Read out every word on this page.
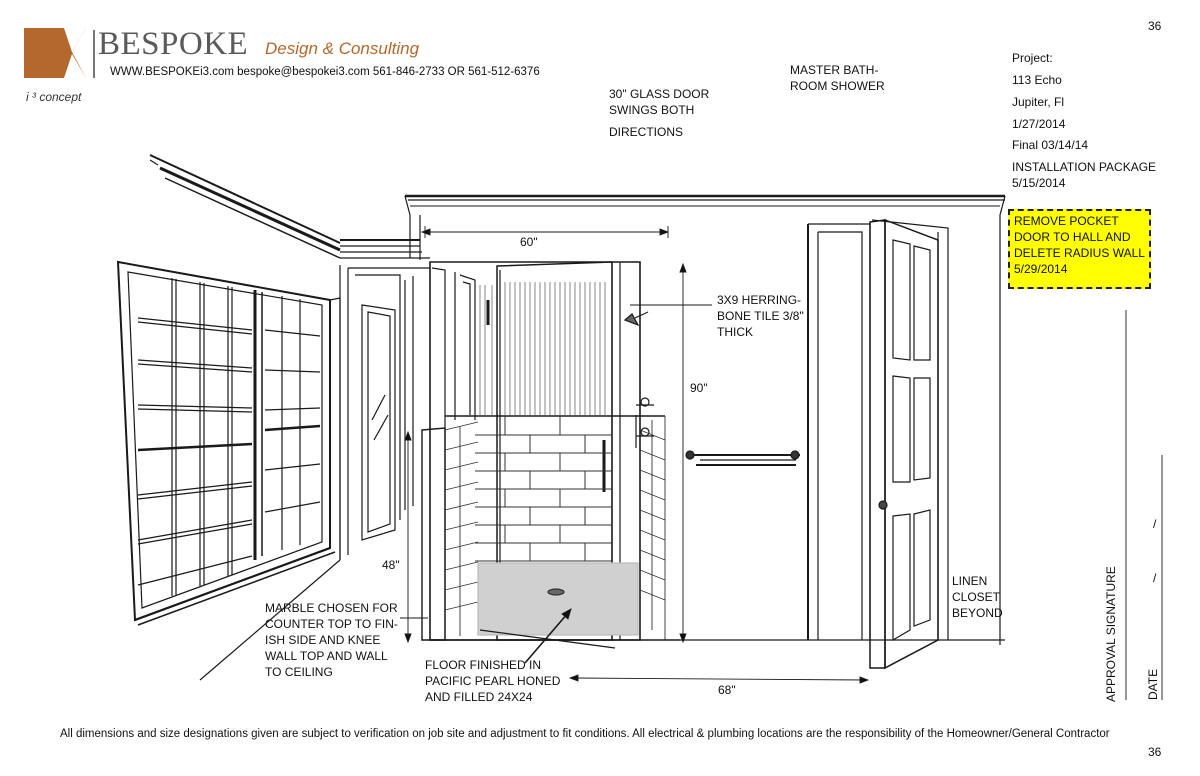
i ³ concept
BESPOKE Design & Consulting
WWW.BESPOKEi3.com bespoke@bespokei3.com 561-846-2733 OR 561-512-6376
36
Project:
113 Echo
Jupiter, Fl
1/27/2014
Final 03/14/14
INSTALLATION PACKAGE
5/15/2014
REMOVE POCKET
DOOR TO HALL AND
DELETE RADIUS WALL
5/29/2014
30" GLASS DOOR
SWINGS BOTH
DIRECTIONS
MASTER BATH-
ROOM SHOWER
60"
3X9 HERRING-
BONE TILE 3/8"
THICK
90"
48"
MARBLE CHOSEN FOR
COUNTER TOP TO FIN-
ISH SIDE AND KNEE
WALL TOP AND WALL
TO CEILING	FLOOR FINISHED IN
PACIFIC PEARL HONED
AND FILLED 24X24	68"
LINEN
CLOSET
BEYOND	APPROVAL SIGNATURE DATE
/
/
All dimensions and size designations given are subject to verification on job site and adjustment to fit conditions. All electrical & plumbing locations are the responsibility of the Homeowner/General Contractor
36
